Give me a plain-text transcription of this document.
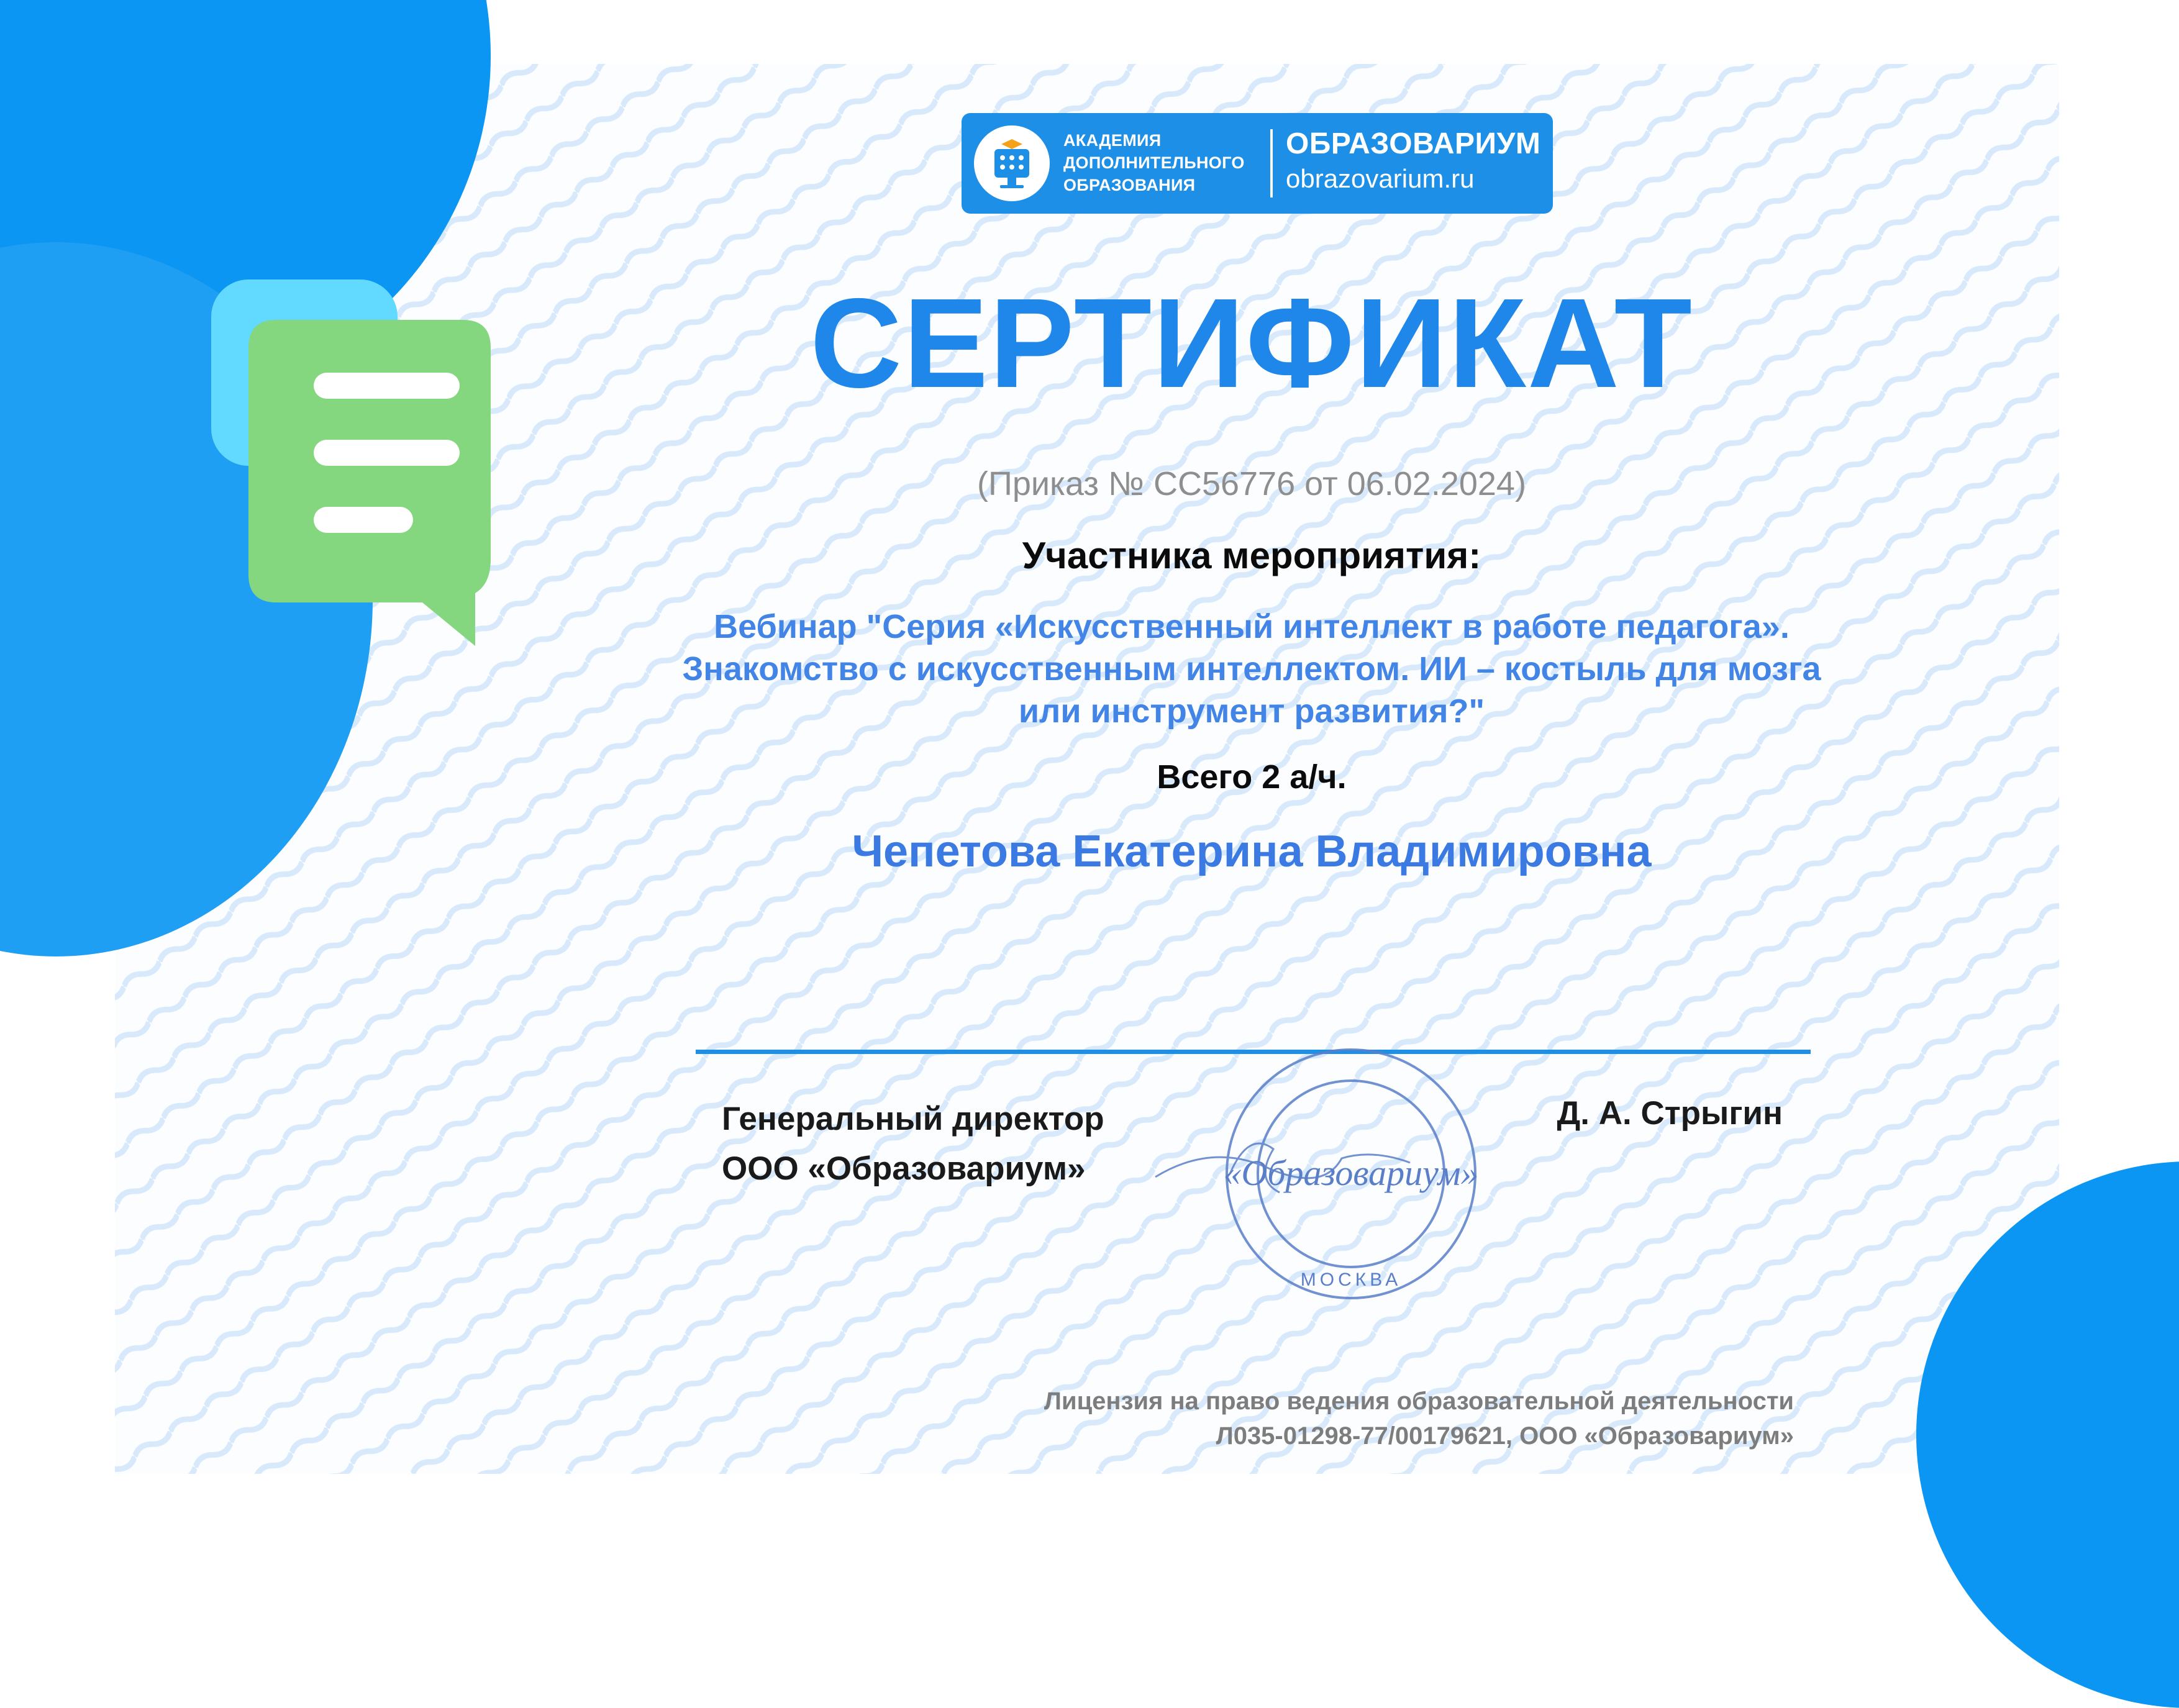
АКАДЕМИЯ
ДОПОЛНИТЕЛЬНОГО
ОБРАЗОВАНИЯ
ОБРАЗОВАРИУМ
obrazovarium.ru
СЕРТИФИКАТ
(Приказ № СС56776 от 06.02.2024)
Участника мероприятия:
Вебинар "Серия «Искусственный интеллект в работе педагога». Знакомство с искусственным интеллектом. ИИ – костыль для мозга или инструмент развития?"
Всего 2 а/ч.
Чепетова Екатерина Владимировна
Генеральный директор
ООО «Образовариум»
Д. А. Стрыгин
«Образовариум»
МОСКВА
Лицензия на право ведения образовательной деятельности
Л035-01298-77/00179621, ООО «Образовариум»
